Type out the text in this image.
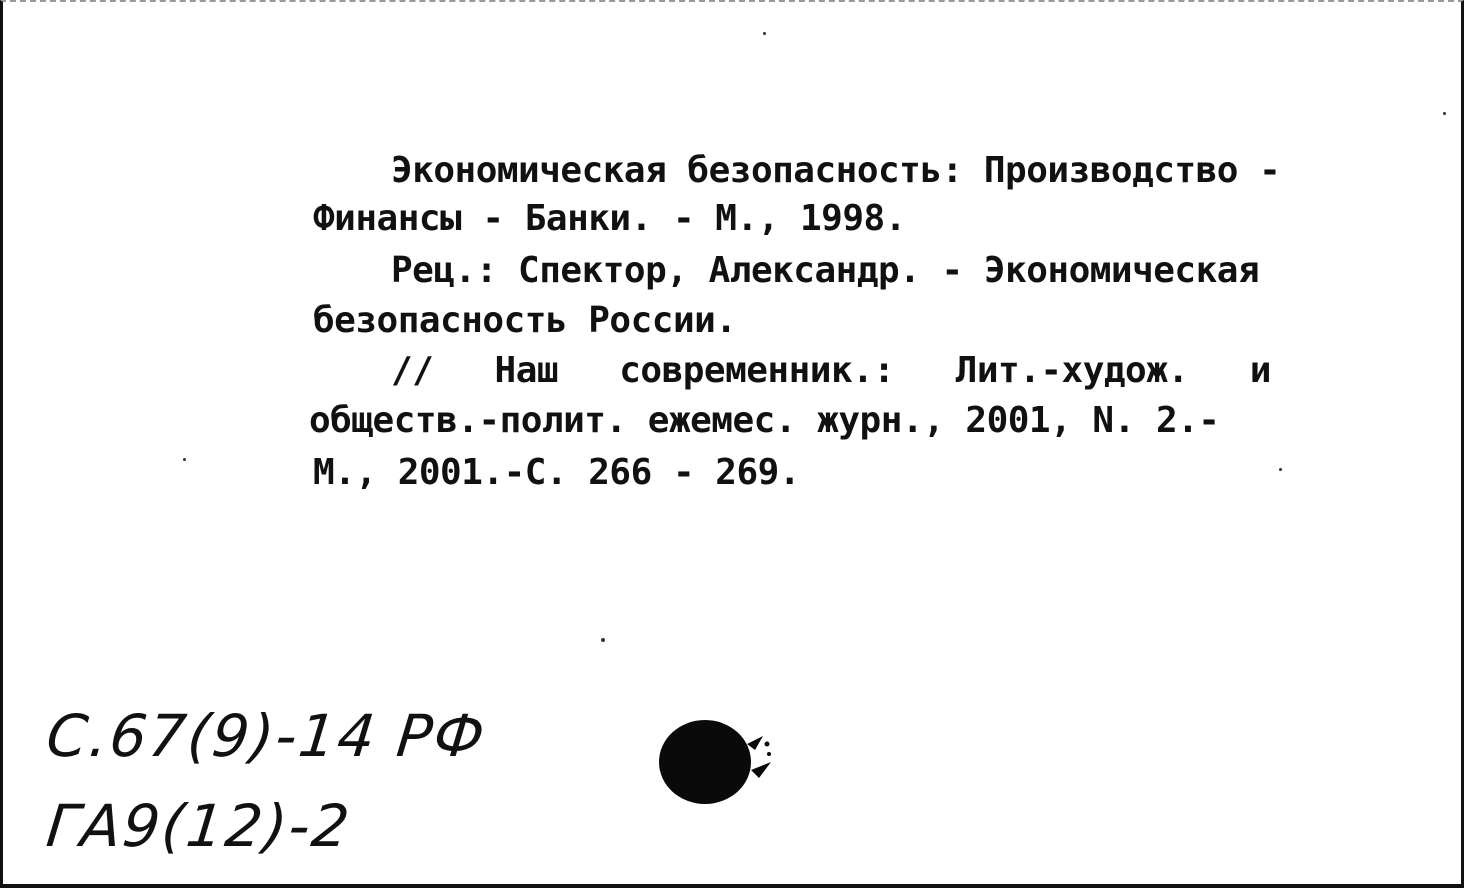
Экономическая безопасность: Производство -
Финансы - Банки. - М., 1998.
Рец.: Спектор, Александр. - Экономическая
безопасность России.
// Наш современник.: Лит.-худож. и
обществ.-полит. ежемес. журн., 2001, N. 2.-
М., 2001.-С. 266 - 269.
С.67(9)-14 РФ
ГА9(12)-2
